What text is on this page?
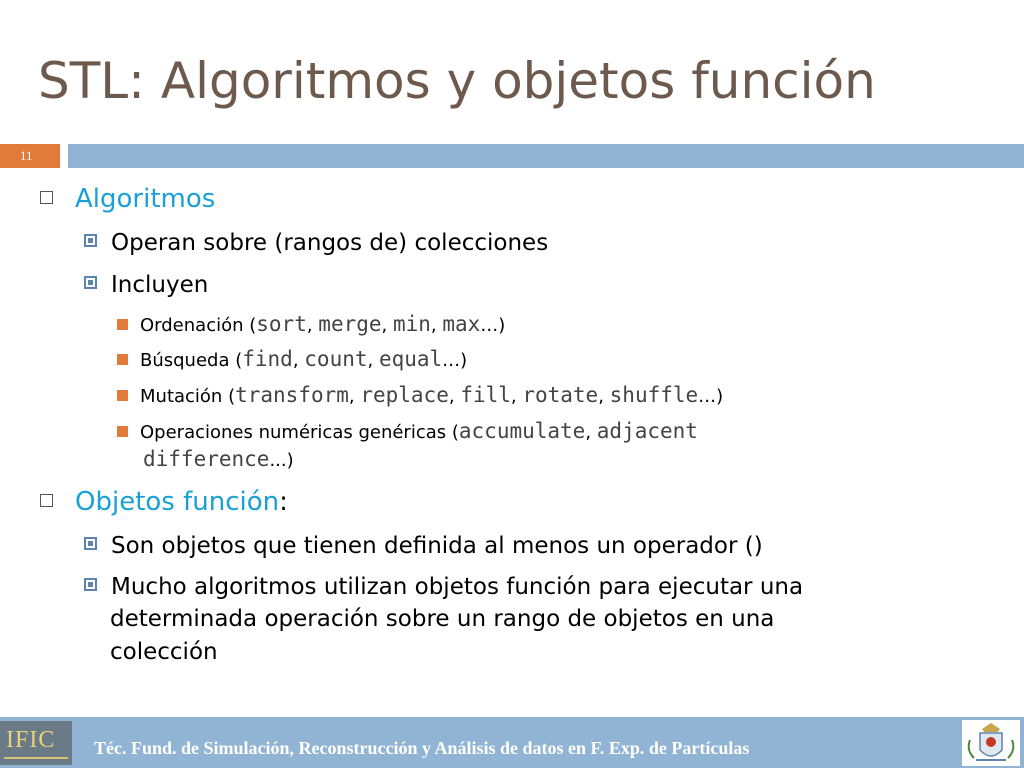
STL: Algoritmos y objetos función
11
Algoritmos
Operan sobre (rangos de) colecciones
Incluyen
Ordenación (sort, merge, min, max…)
Búsqueda (find, count, equal…)
Mutación (transform, replace, fill, rotate, shuffle…)
Operaciones numéricas genéricas (accumulate, adjacent
difference...)
Objetos función:
Son objetos que tienen definida al menos un operador ()
Mucho algoritmos utilizan objetos función para ejecutar una
determinada operación sobre un rango de objetos en una
colección
IFIC Téc. Fund. de Simulación, Reconstrucción y Análisis de datos en F. Exp. de Partículas
